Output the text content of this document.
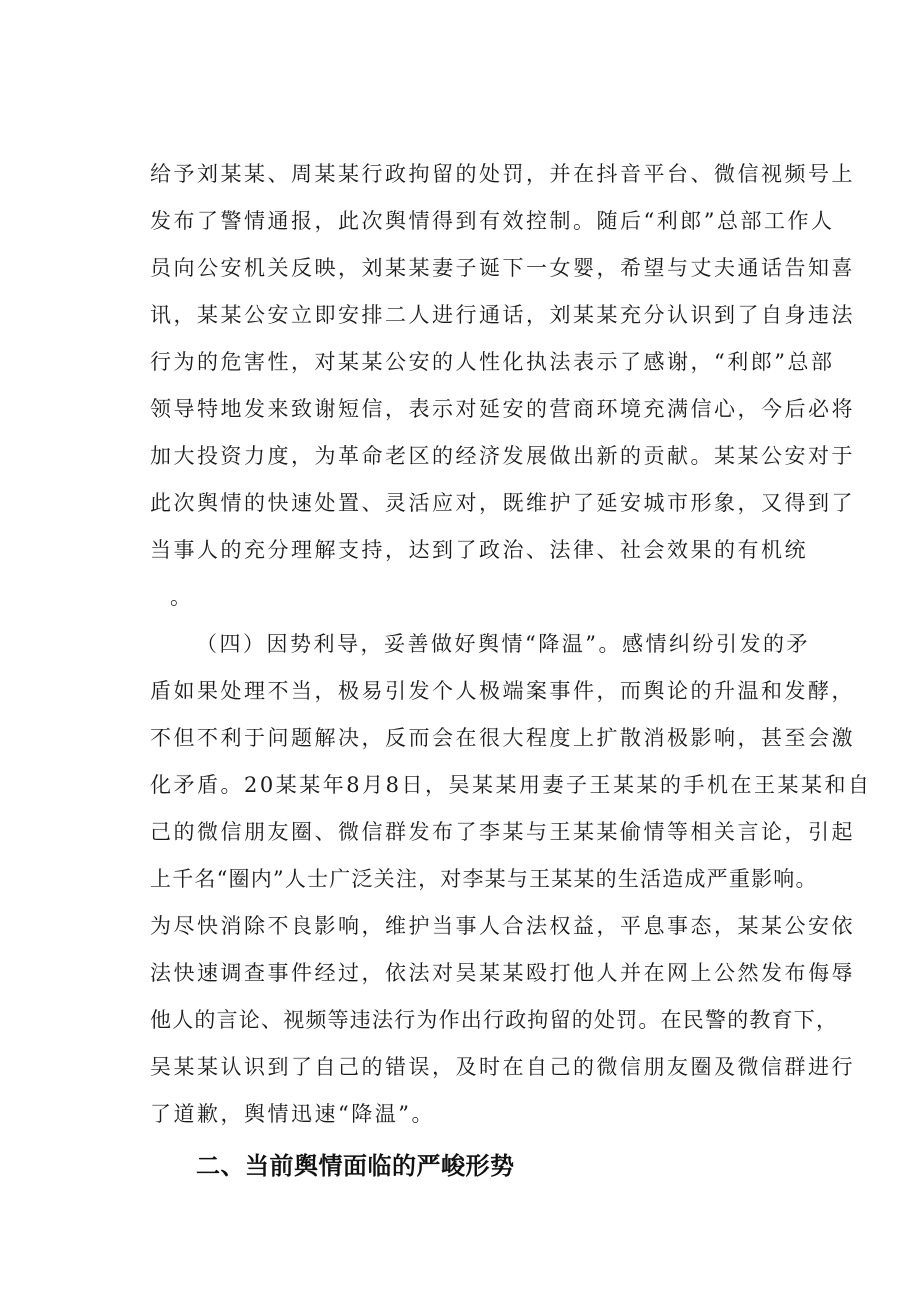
给予刘某某、周某某行政拘留的处罚，并在抖音平台、微信视频号上
发布了警情通报，此次舆情得到有效控制。随后“利郎”总部工作人
员向公安机关反映，刘某某妻子诞下一女婴，希望与丈夫通话告知喜
讯，某某公安立即安排二人进行通话，刘某某充分认识到了自身违法
行为的危害性，对某某公安的人性化执法表示了感谢，“利郎”总部
领导特地发来致谢短信，表示对延安的营商环境充满信心，今后必将
加大投资力度，为革命老区的经济发展做出新的贡献。某某公安对于
此次舆情的快速处置、灵活应对，既维护了延安城市形象，又得到了
当事人的充分理解支持，达到了政治、法律、社会效果的有机统
。
（四）因势利导，妥善做好舆情“降温”。感情纠纷引发的矛
盾如果处理不当，极易引发个人极端案事件，而舆论的升温和发酵，
不但不利于问题解决，反而会在很大程度上扩散消极影响，甚至会激
化矛盾。20某某年8月8日，吴某某用妻子王某某的手机在王某某和自
己的微信朋友圈、微信群发布了李某与王某某偷情等相关言论，引起
上千名“圈内”人士广泛关注，对李某与王某某的生活造成严重影响。
为尽快消除不良影响，维护当事人合法权益，平息事态，某某公安依
法快速调查事件经过，依法对吴某某殴打他人并在网上公然发布侮辱
他人的言论、视频等违法行为作出行政拘留的处罚。在民警的教育下，
吴某某认识到了自己的错误，及时在自己的微信朋友圈及微信群进行
了道歉，舆情迅速“降温”。
二、当前舆情面临的严峻形势
